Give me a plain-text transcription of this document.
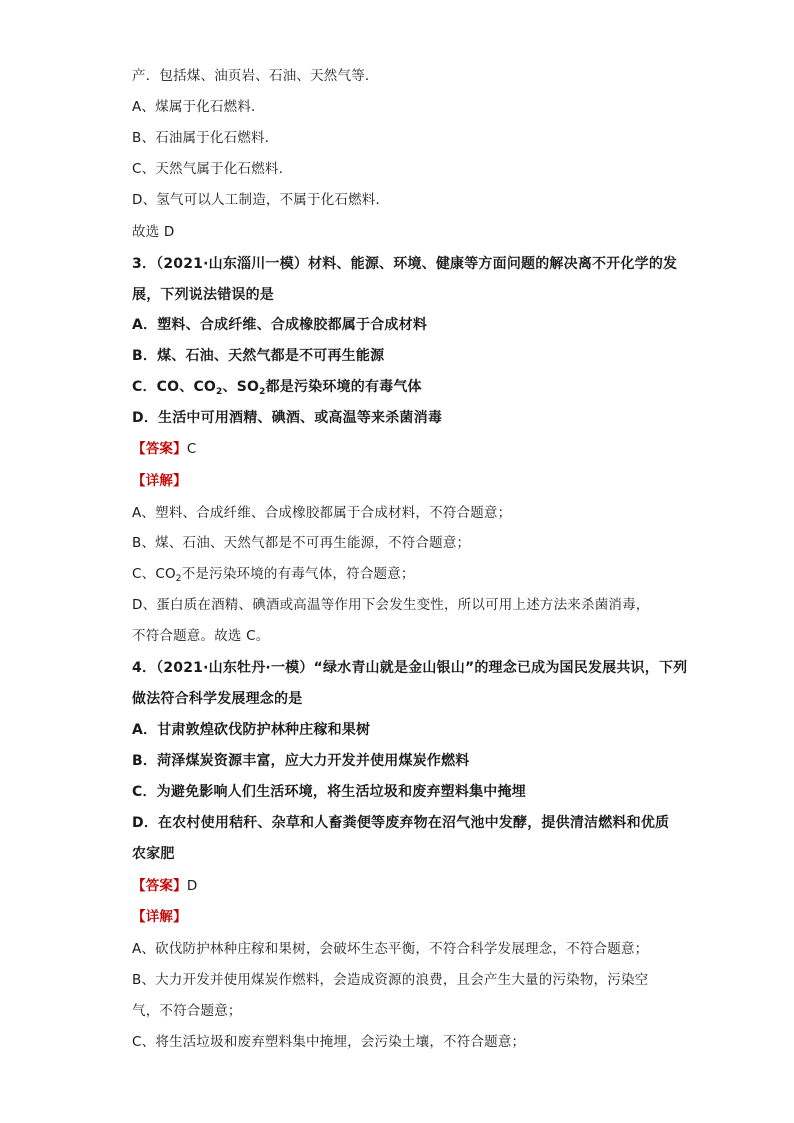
产．包括煤、油页岩、石油、天然气等．
A、煤属于化石燃料．
B、石油属于化石燃料．
C、天然气属于化石燃料．
D、氢气可以人工制造，不属于化石燃料．
故选 D
3．（2021·山东淄川一模）材料、能源、环境、健康等方面问题的解决离不开化学的发
展，下列说法错误的是
A．塑料、合成纤维、合成橡胶都属于合成材料
B．煤、石油、天然气都是不可再生能源
C．CO、$CO_2$、$SO_2$都是污染环境的有毒气体
D．生活中可用酒精、碘酒、或高温等来杀菌消毒
【答案】C
【详解】
A、塑料、合成纤维、合成橡胶都属于合成材料，不符合题意；
B、煤、石油、天然气都是不可再生能源，不符合题意；
C、$CO_2$不是污染环境的有毒气体，符合题意；
D、蛋白质在酒精、碘酒或高温等作用下会发生变性，所以可用上述方法来杀菌消毒，
不符合题意。故选 C。
4．（2021·山东牡丹·一模）“绿水青山就是金山银山”的理念已成为国民发展共识，下列
做法符合科学发展理念的是
A．甘肃敦煌砍伐防护林种庄稼和果树
B．菏泽煤炭资源丰富，应大力开发并使用煤炭作燃料
C．为避免影响人们生活环境，将生活垃圾和废弃塑料集中掩埋
D．在农村使用秸秆、杂草和人畜粪便等废弃物在沼气池中发酵，提供清洁燃料和优质
农家肥
【答案】D
【详解】
A、砍伐防护林种庄稼和果树，会破坏生态平衡，不符合科学发展理念，不符合题意；
B、大力开发并使用煤炭作燃料，会造成资源的浪费，且会产生大量的污染物，污染空
气，不符合题意；
C、将生活垃圾和废弃塑料集中掩埋，会污染土壤，不符合题意；
